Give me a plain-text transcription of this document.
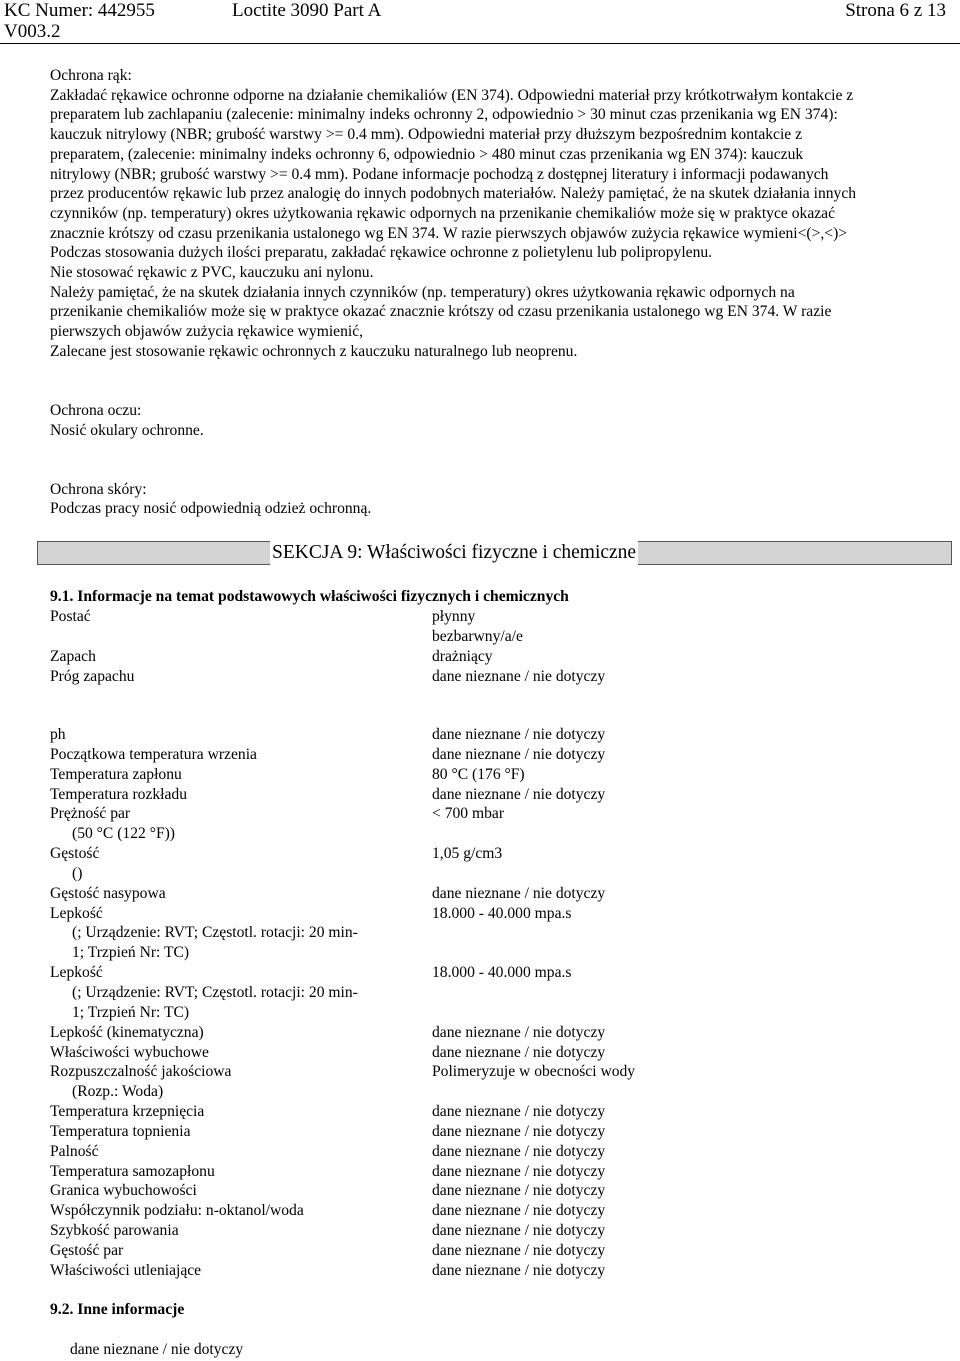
KC Numer: 442955
V003.2
Loctite 3090 Part A	Strona 6 z 13

Ochrona rąk:

Zakładać rękawice ochronne odporne na działanie chemikaliów (EN 374). Odpowiedni materiał przy krótkotrwałym kontakcie z

preparatem lub zachlapaniu (zalecenie: minimalny indeks ochronny 2, odpowiednio > 30 minut czas przenikania wg EN 374):

kauczuk nitrylowy (NBR; grubość warstwy >= 0.4 mm). Odpowiedni materiał przy dłuższym bezpośrednim kontakcie z

preparatem, (zalecenie: minimalny indeks ochronny 6, odpowiednio > 480 minut czas przenikania wg EN 374): kauczuk

nitrylowy (NBR; grubość warstwy >= 0.4 mm). Podane informacje pochodzą z dostępnej literatury i informacji podawanych

przez producentów rękawic lub przez analogię do innych podobnych materiałów. Należy pamiętać, że na skutek działania innych

czynników (np. temperatury) okres użytkowania rękawic odpornych na przenikanie chemikaliów może się w praktyce okazać

znacznie krótszy od czasu przenikania ustalonego wg EN 374. W razie pierwszych objawów zużycia rękawice wymieni<(>,<)>

Podczas stosowania dużych ilości preparatu, zakładać rękawice ochronne z polietylenu lub polipropylenu.

Nie stosować rękawic z PVC, kauczuku ani nylonu.

Należy pamiętać, że na skutek działania innych czynników (np. temperatury) okres użytkowania rękawic odpornych na

przenikanie chemikaliów może się w praktyce okazać znacznie krótszy od czasu przenikania ustalonego wg EN 374. W razie

pierwszych objawów zużycia rękawice wymienić,

Zalecane jest stosowanie rękawic ochronnych z kauczuku naturalnego lub neoprenu.

Ochrona oczu:

Nosić okulary ochronne.

Ochrona skóry:

Podczas pracy nosić odpowiednią odzież ochronną.

SEKCJA 9: Właściwości fizyczne i chemiczne
9.1. Informacje na temat podstawowych właściwości fizycznych i chemicznych
Postać	płynny
bezbarwny/a/e
Zapach	drażniący
Próg zapachu	dane nieznane / nie dotyczy
ph	dane nieznane / nie dotyczy
Początkowa temperatura wrzenia	dane nieznane / nie dotyczy
Temperatura zapłonu	80 °C (176 °F)
Temperatura rozkładu	dane nieznane / nie dotyczy
Prężność par	< 700 mbar
(50 °C (122 °F))
Gęstość	1,05 g/cm3
()
Gęstość nasypowa	dane nieznane / nie dotyczy
Lepkość	18.000 - 40.000 mpa.s
(; Urządzenie: RVT; Częstotl. rotacji: 20 min-
1; Trzpień Nr: TC)
Lepkość	18.000 - 40.000 mpa.s
(; Urządzenie: RVT; Częstotl. rotacji: 20 min-
1; Trzpień Nr: TC)
Lepkość (kinematyczna)	dane nieznane / nie dotyczy
Właściwości wybuchowe	dane nieznane / nie dotyczy
Rozpuszczalność jakościowa	Polimeryzuje w obecności wody
(Rozp.: Woda)
Temperatura krzepnięcia	dane nieznane / nie dotyczy
Temperatura topnienia	dane nieznane / nie dotyczy
Palność	dane nieznane / nie dotyczy
Temperatura samozapłonu	dane nieznane / nie dotyczy
Granica wybuchowości	dane nieznane / nie dotyczy
Współczynnik podziału: n-oktanol/woda	dane nieznane / nie dotyczy
Szybkość parowania	dane nieznane / nie dotyczy
Gęstość par	dane nieznane / nie dotyczy
Właściwości utleniające	dane nieznane / nie dotyczy
9.2. Inne informacje
dane nieznane / nie dotyczy
